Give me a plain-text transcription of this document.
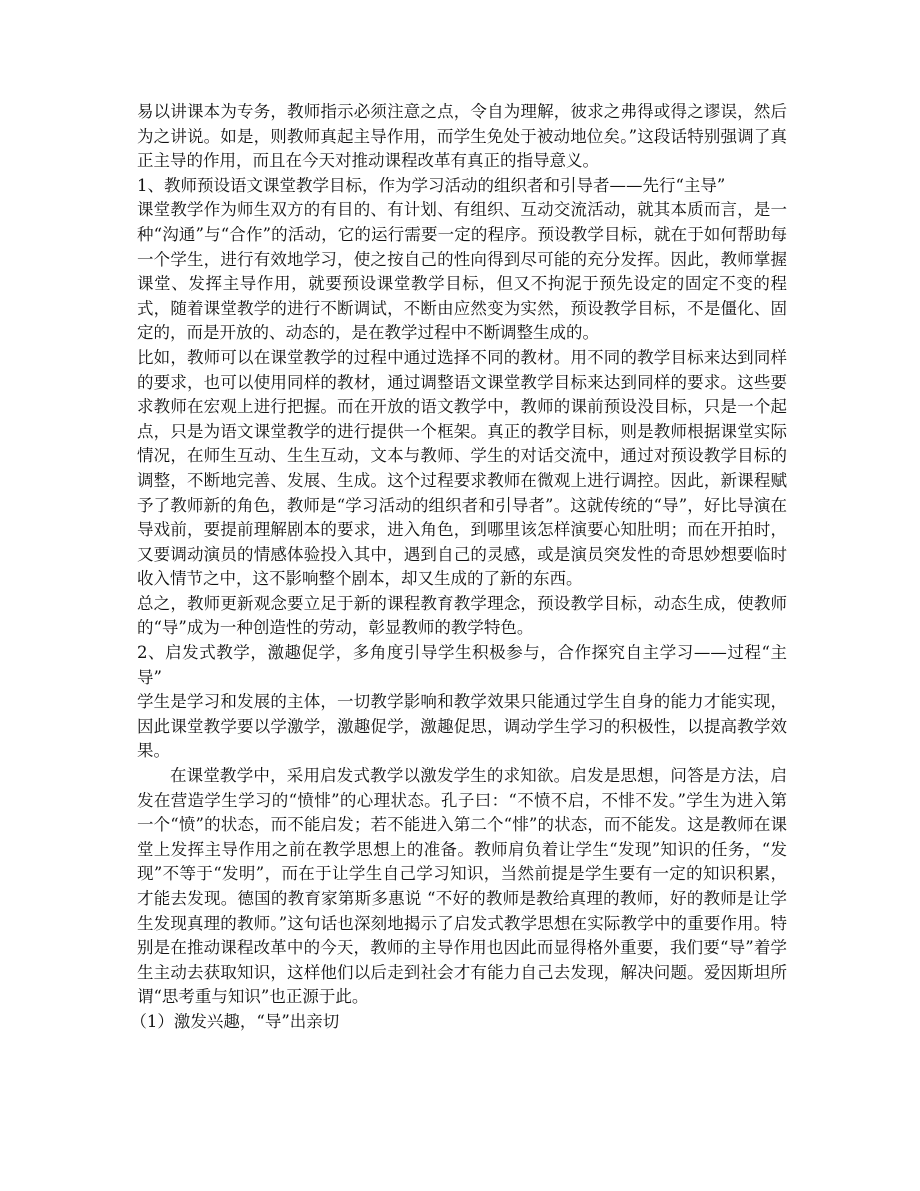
易以讲课本为专务，教师指示必须注意之点，令自为理解，彼求之弗得或得之谬误，然后为之讲说。如是，则教师真起主导作用，而学生免处于被动地位矣。”这段话特别强调了真正主导的作用，而且在今天对推动课程改革有真正的指导意义。

1、教师预设语文课堂教学目标，作为学习活动的组织者和引导者——先行“主导”

课堂教学作为师生双方的有目的、有计划、有组织、互动交流活动，就其本质而言，是一种“沟通”与“合作”的活动，它的运行需要一定的程序。预设教学目标，就在于如何帮助每一个学生，进行有效地学习，使之按自己的性向得到尽可能的充分发挥。因此，教师掌握课堂、发挥主导作用，就要预设课堂教学目标，但又不拘泥于预先设定的固定不变的程式，随着课堂教学的进行不断调试，不断由应然变为实然，预设教学目标，不是僵化、固定的，而是开放的、动态的，是在教学过程中不断调整生成的。

比如，教师可以在课堂教学的过程中通过选择不同的教材。用不同的教学目标来达到同样的要求，也可以使用同样的教材，通过调整语文课堂教学目标来达到同样的要求。这些要求教师在宏观上进行把握。而在开放的语文教学中，教师的课前预设没目标，只是一个起点，只是为语文课堂教学的进行提供一个框架。真正的教学目标，则是教师根据课堂实际情况，在师生互动、生生互动，文本与教师、学生的对话交流中，通过对预设教学目标的调整，不断地完善、发展、生成。这个过程要求教师在微观上进行调控。因此，新课程赋予了教师新的角色，教师是“学习活动的组织者和引导者”。这就传统的“导”，好比导演在导戏前，要提前理解剧本的要求，进入角色，到哪里该怎样演要心知肚明；而在开拍时，又要调动演员的情感体验投入其中，遇到自己的灵感，或是演员突发性的奇思妙想要临时收入情节之中，这不影响整个剧本，却又生成的了新的东西。

总之，教师更新观念要立足于新的课程教育教学理念，预设教学目标，动态生成，使教师的“导”成为一种创造性的劳动，彰显教师的教学特色。

2、启发式教学，激趣促学，多角度引导学生积极参与，合作探究自主学习——过程“主导”

学生是学习和发展的主体，一切教学影响和教学效果只能通过学生自身的能力才能实现，因此课堂教学要以学激学，激趣促学，激趣促思，调动学生学习的积极性，以提高教学效果。

在课堂教学中，采用启发式教学以激发学生的求知欲。启发是思想，问答是方法，启发在营造学生学习的“愤悱”的心理状态。孔子曰：“不愤不启，不悱不发。”学生为进入第一个“愤”的状态，而不能启发；若不能进入第二个“悱”的状态，而不能发。这是教师在课堂上发挥主导作用之前在教学思想上的准备。教师肩负着让学生“发现”知识的任务，“发现”不等于“发明”，而在于让学生自己学习知识，当然前提是学生要有一定的知识积累，才能去发现。德国的教育家第斯多惠说 “不好的教师是教给真理的教师，好的教师是让学生发现真理的教师。”这句话也深刻地揭示了启发式教学思想在实际教学中的重要作用。特别是在推动课程改革中的今天，教师的主导作用也因此而显得格外重要，我们要“导”着学生主动去获取知识，这样他们以后走到社会才有能力自己去发现，解决问题。爱因斯坦所谓“思考重与知识”也正源于此。

（1）激发兴趣，“导”出亲切
